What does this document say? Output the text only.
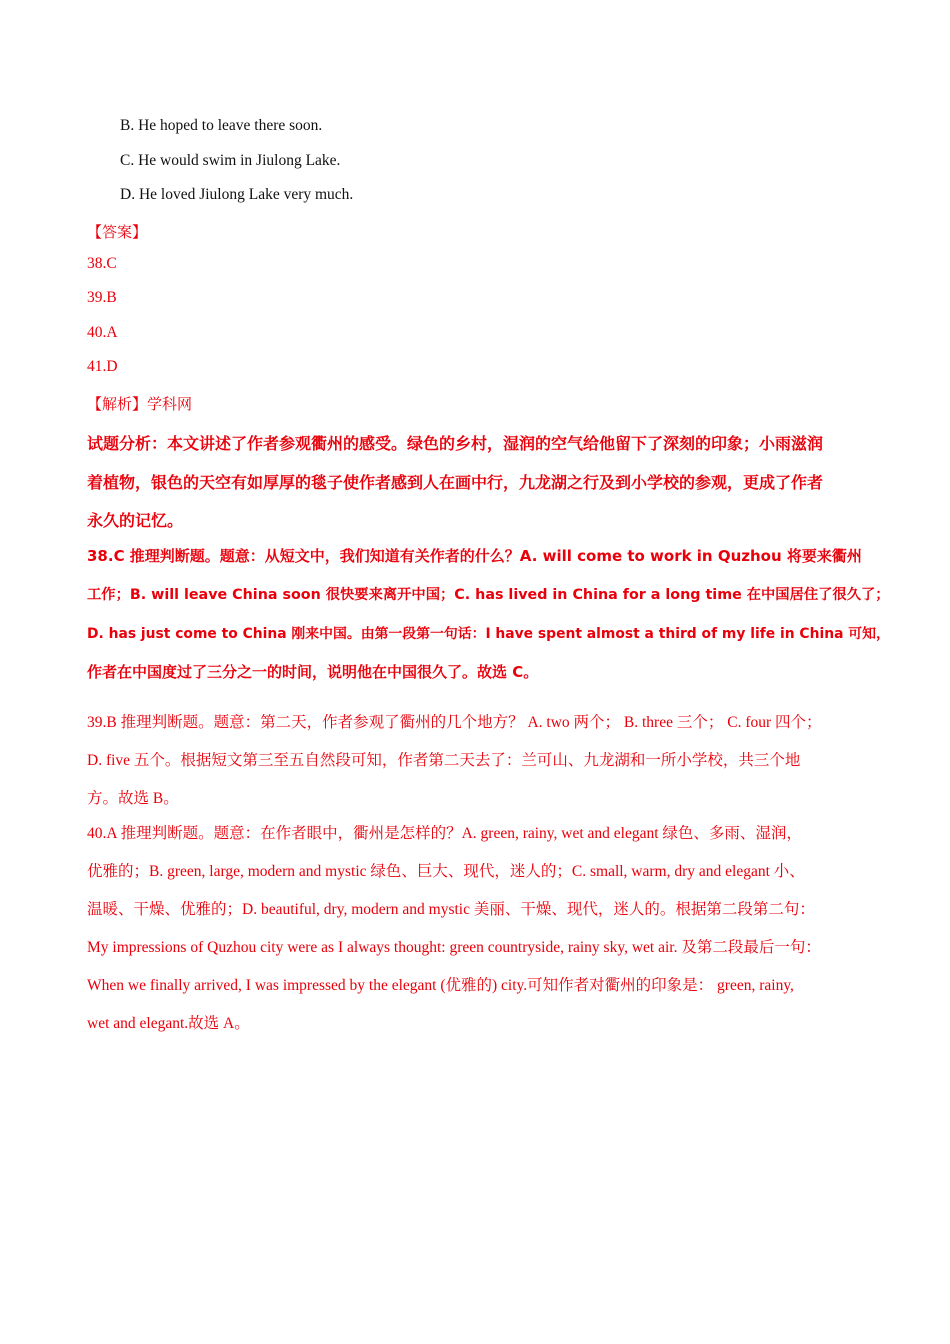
B. He hoped to leave there soon.
C. He would swim in Jiulong Lake.
D. He loved Jiulong Lake very much.
【答案】
38.C
39.B
40.A
41.D
【解析】学科网
试题分析：本文讲述了作者参观衢州的感受。绿色的乡村，湿润的空气给他留下了深刻的印象；小雨滋润
着植物，银色的天空有如厚厚的毯子使作者感到人在画中行，九龙湖之行及到小学校的参观，更成了作者
永久的记忆。
38.C 推理判断题。题意：从短文中，我们知道有关作者的什么？A. will come to work in Quzhou 将要来衢州
工作；B. will leave China soon 很快要来离开中国；C. has lived in China for a long time 在中国居住了很久了；
D. has just come to China 刚来中国。由第一段第一句话：I have spent almost a third of my life in China 可知，
作者在中国度过了三分之一的时间，说明他在中国很久了。故选 C。
39.B 推理判断题。题意：第二天，作者参观了衢州的几个地方？ A. two 两个； B. three 三个； C. four 四个；
D. five 五个。根据短文第三至五自然段可知，作者第二天去了：兰可山、九龙湖和一所小学校，共三个地
方。故选 B。
40.A 推理判断题。题意：在作者眼中，衢州是怎样的？A. green, rainy, wet and elegant 绿色、多雨、湿润，
优雅的；B. green, large, modern and mystic 绿色、巨大、现代，迷人的；C. small, warm, dry and elegant 小、
温暖、干燥、优雅的；D. beautiful, dry, modern and mystic 美丽、干燥、现代，迷人的。根据第二段第二句：
My impressions of Quzhou city were as I always thought: green countryside, rainy sky, wet air. 及第二段最后一句：
When we finally arrived, I was impressed by the elegant (优雅的) city.可知作者对衢州的印象是： green, rainy,
wet and elegant.故选 A。
